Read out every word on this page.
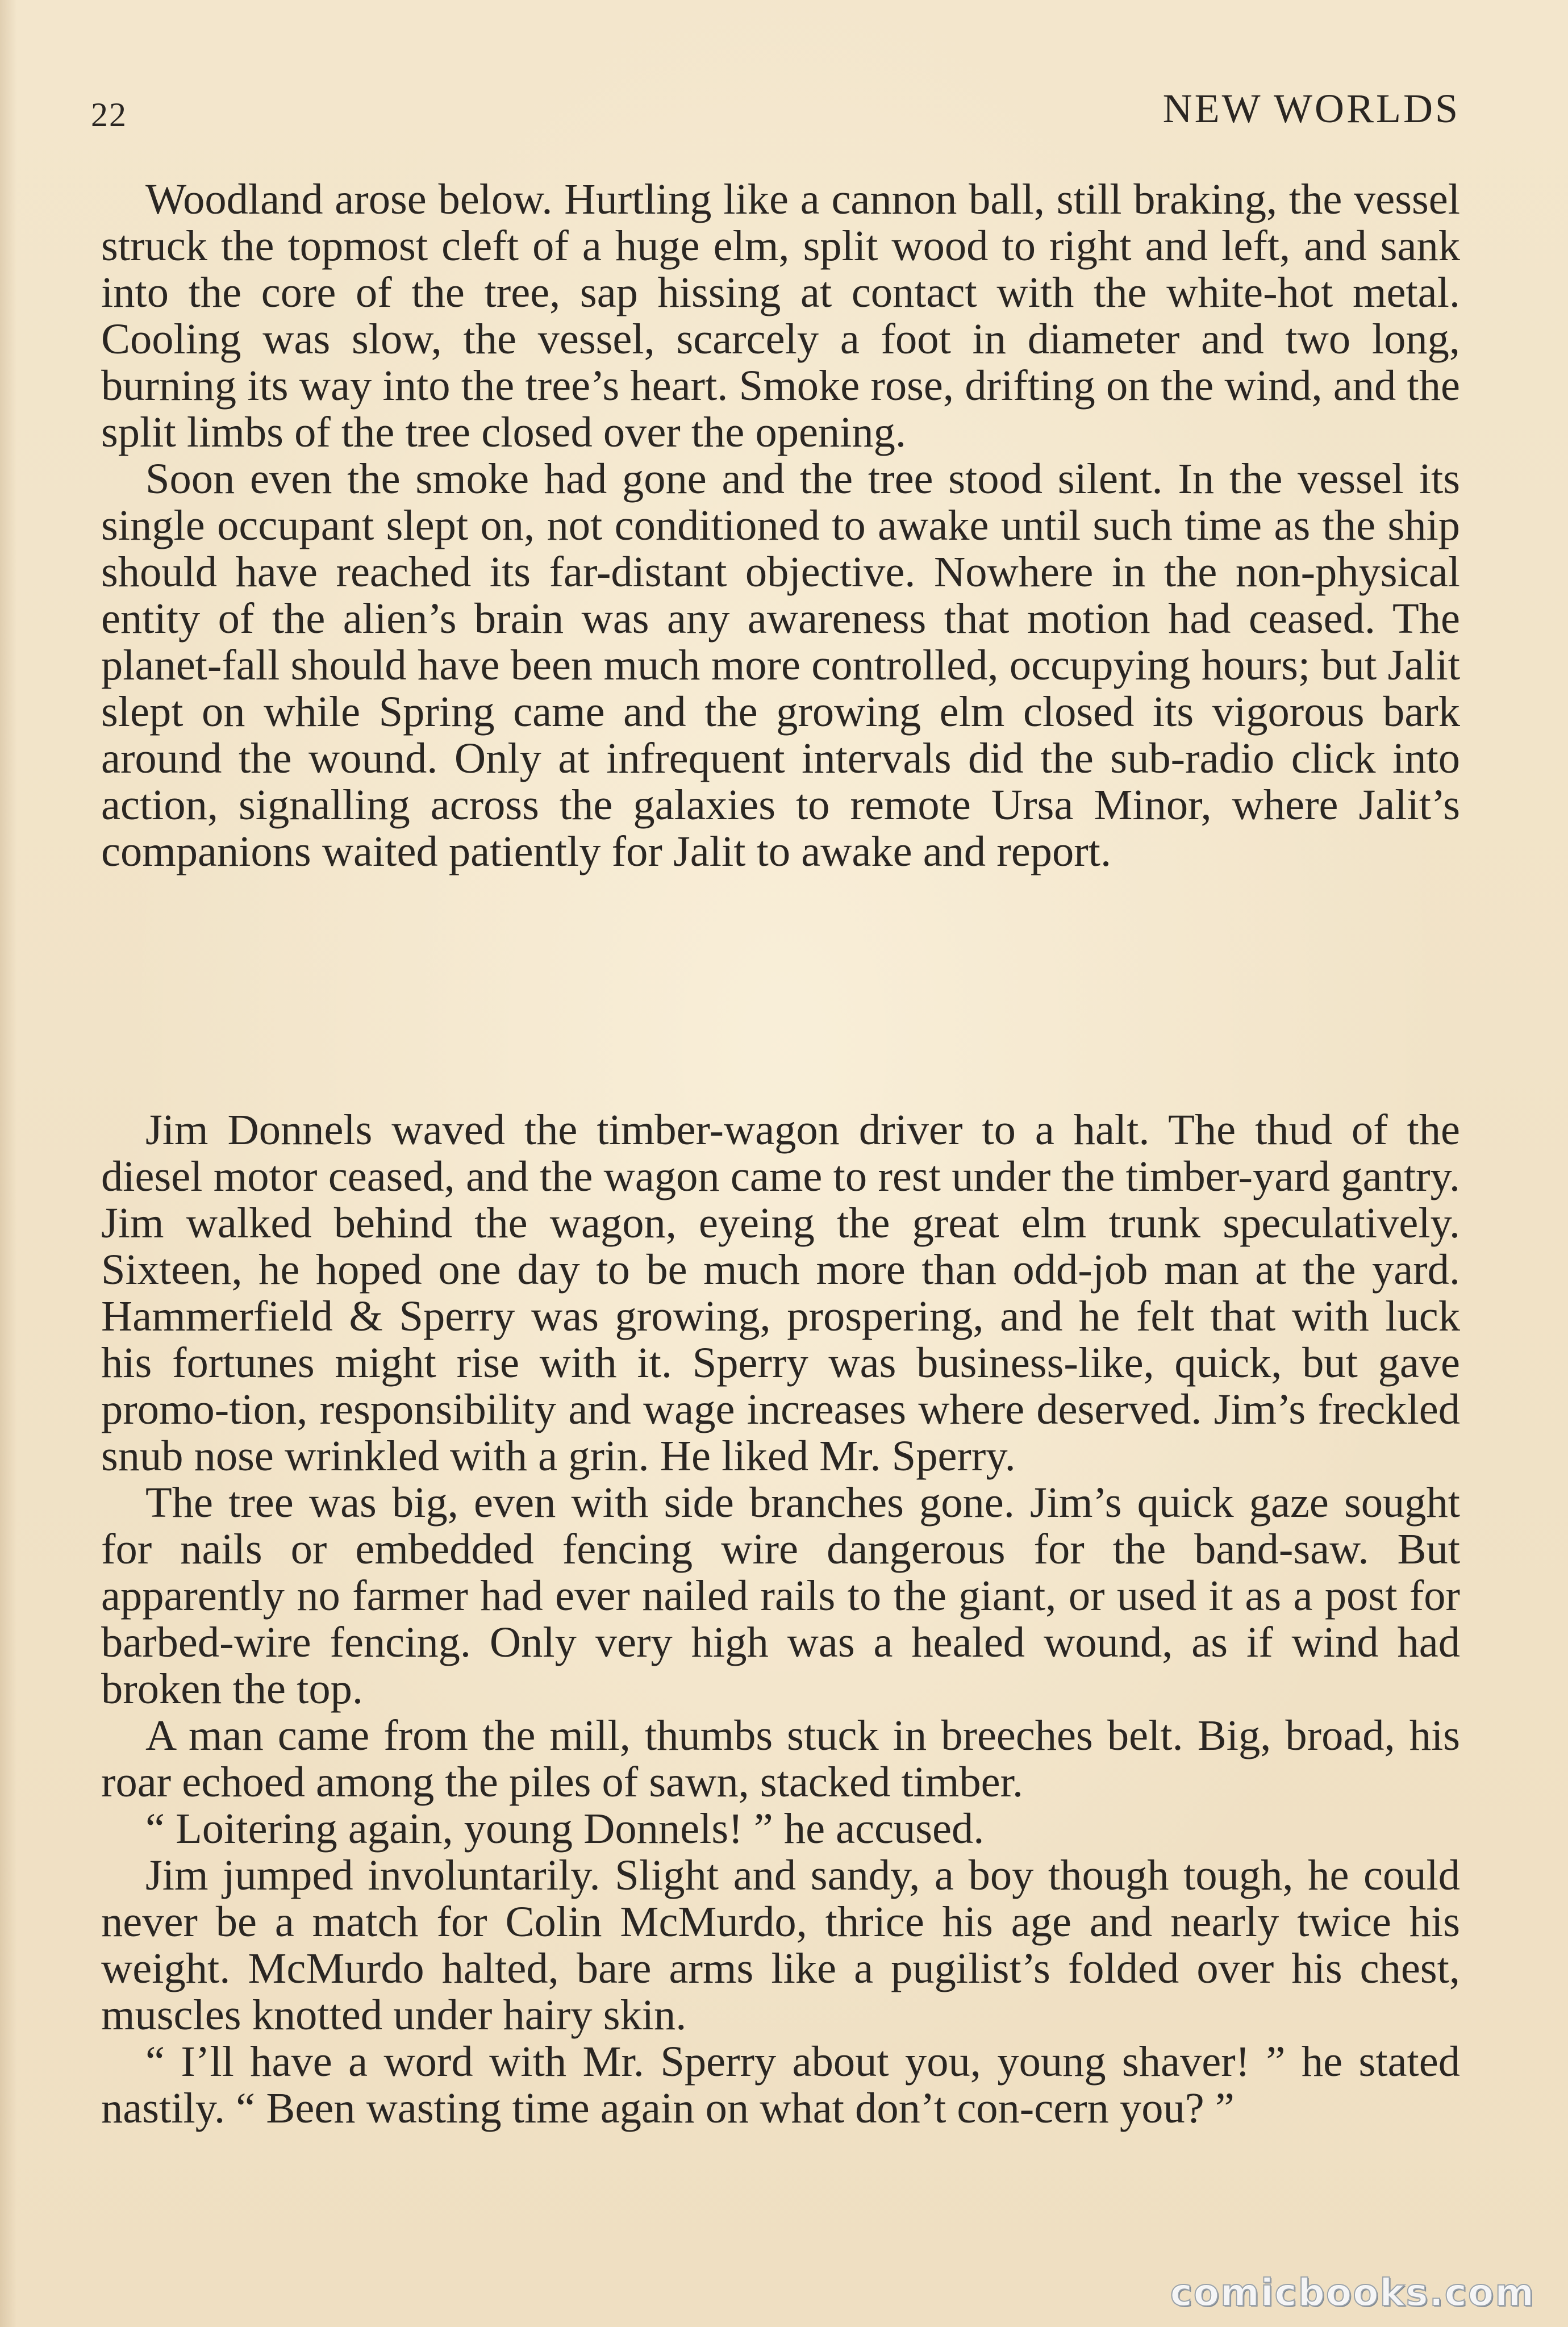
22	NEW WORLDS

Woodland arose below. Hurtling like a cannon ball, still braking, the vessel struck the topmost cleft of a huge elm, split wood to right and left, and sank into the core of the tree, sap hissing at contact with the white-hot metal. Cooling was slow, the vessel, scarcely a foot in diameter and two long, burning its way into the tree’s heart. Smoke rose, drifting on the wind, and the split limbs of the tree closed over the opening.

Soon even the smoke had gone and the tree stood silent. In the vessel its single occupant slept on, not conditioned to awake until such time as the ship should have reached its far-distant objective. Nowhere in the non-physical entity of the alien’s brain was any awareness that motion had ceased. The planet-fall should have been much more controlled, occupying hours; but Jalit slept on while Spring came and the growing elm closed its vigorous bark around the wound. Only at infrequent intervals did the sub-radio click into action, signalling across the galaxies to remote Ursa Minor, where Jalit’s companions waited patiently for Jalit to awake and report.

Jim Donnels waved the timber-wagon driver to a halt. The thud of the diesel motor ceased, and the wagon came to rest under the timber-yard gantry. Jim walked behind the wagon, eyeing the great elm trunk speculatively. Sixteen, he hoped one day to be much more than odd-job man at the yard. Hammerfield & Sperry was growing, prospering, and he felt that with luck his fortunes might rise with it. Sperry was business-like, quick, but gave promo-tion, responsibility and wage increases where deserved. Jim’s freckled snub nose wrinkled with a grin. He liked Mr. Sperry.

The tree was big, even with side branches gone. Jim’s quick gaze sought for nails or embedded fencing wire dangerous for the band-saw. But apparently no farmer had ever nailed rails to the giant, or used it as a post for barbed-wire fencing. Only very high was a healed wound, as if wind had broken the top.

A man came from the mill, thumbs stuck in breeches belt. Big, broad, his roar echoed among the piles of sawn, stacked timber.

“ Loitering again, young Donnels! ” he accused.

Jim jumped involuntarily. Slight and sandy, a boy though tough, he could never be a match for Colin McMurdo, thrice his age and nearly twice his weight. McMurdo halted, bare arms like a pugilist’s folded over his chest, muscles knotted under hairy skin.

“ I’ll have a word with Mr. Sperry about you, young shaver! ” he stated nastily. “ Been wasting time again on what don’t con-cern you? ”

comicbooks.com
